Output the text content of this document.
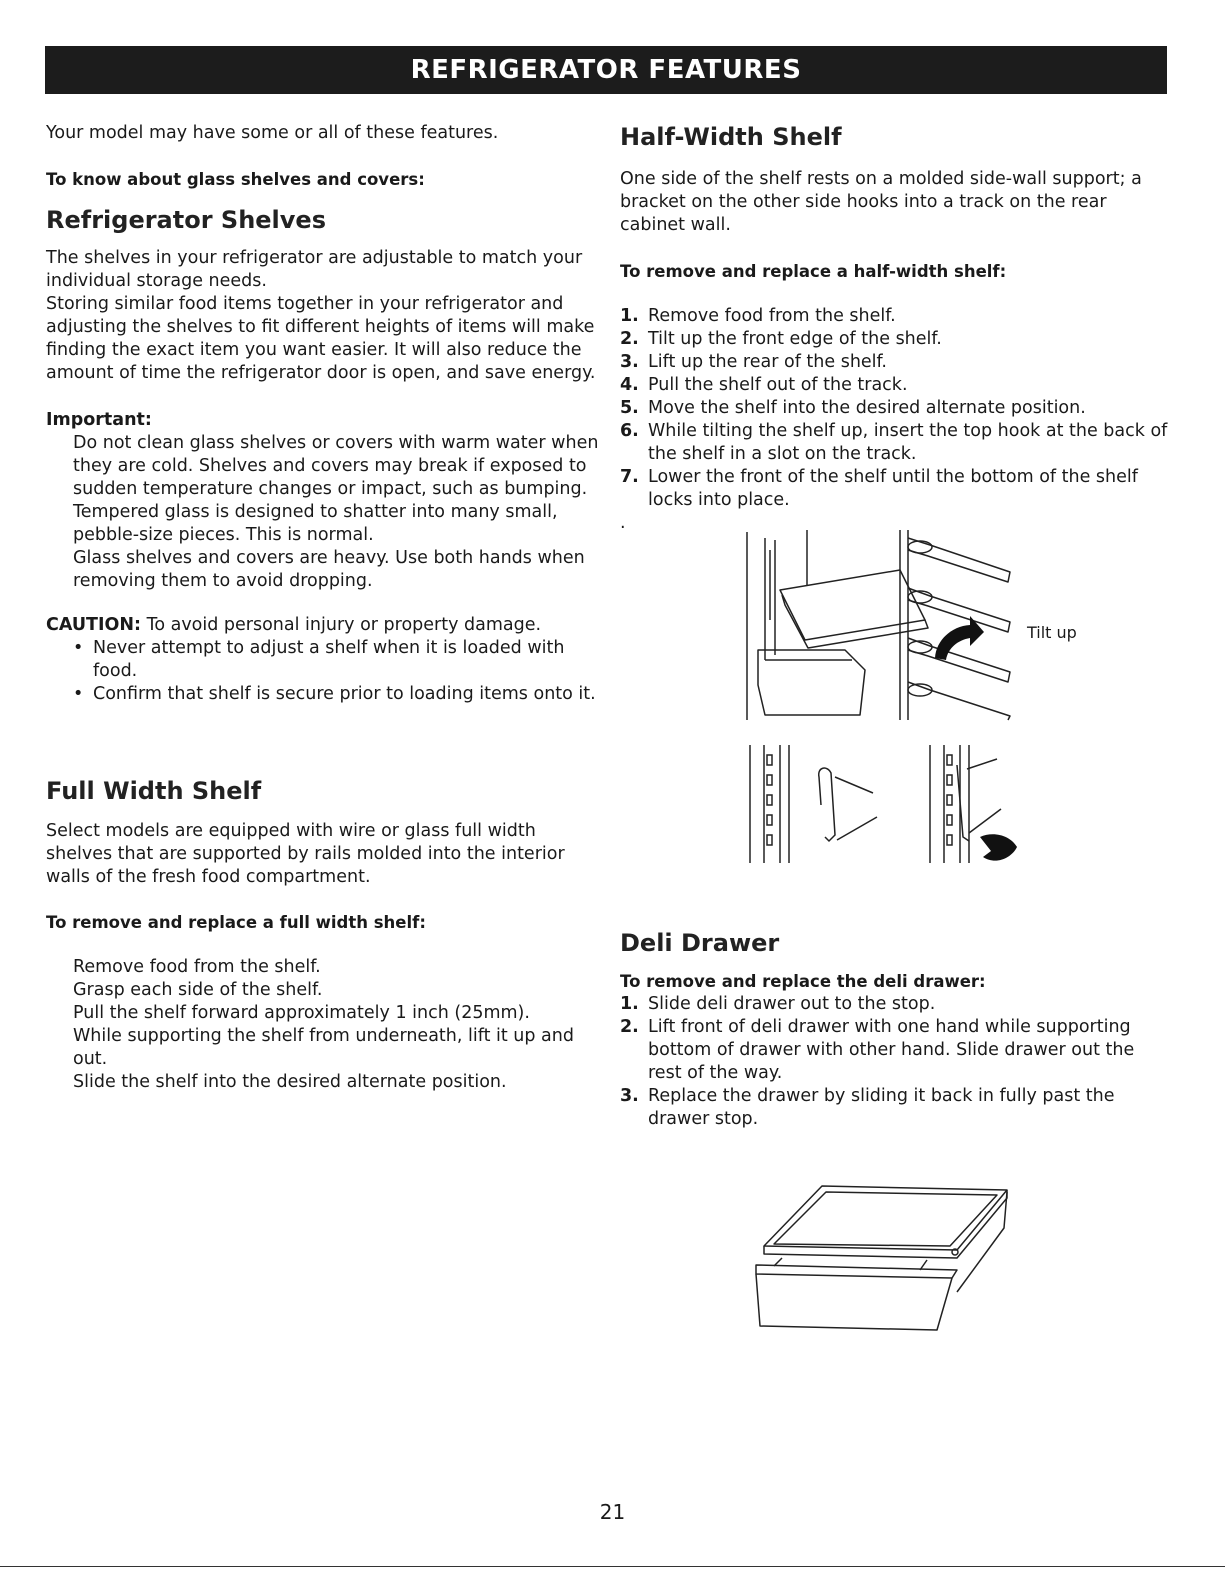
REFRIGERATOR FEATURES

Your model may have some or all of these features.

To know about glass shelves and covers:

Refrigerator Shelves

The shelves in your refrigerator are adjustable to match your individual storage needs.

Storing similar food items together in your refrigerator and adjusting the shelves to fit different heights of items will make finding the exact item you want easier. It will also reduce the amount of time the refrigerator door is open, and save energy.

Important:

Do not clean glass shelves or covers with warm water when they are cold. Shelves and covers may break if exposed to sudden temperature changes or impact, such as bumping.

Tempered glass is designed to shatter into many small, pebble-size pieces. This is normal.

Glass shelves and covers are heavy. Use both hands when removing them to avoid dropping.

CAUTION: To avoid personal injury or property damage.

• Never attempt to adjust a shelf when it is loaded with food.
• Confirm that shelf is secure prior to loading items onto it.
Full Width Shelf

Select models are equipped with wire or glass full width shelves that are supported by rails molded into the interior walls of the fresh food compartment.

To remove and replace a full width shelf:

Remove food from the shelf.

Grasp each side of the shelf.

Pull the shelf forward approximately 1 inch (25mm).

While supporting the shelf from underneath, lift it up and out.

Slide the shelf into the desired alternate position.

Half-Width Shelf

One side of the shelf rests on a molded side-wall support; a bracket on the other side hooks into a track on the rear cabinet wall.

To remove and replace a half-width shelf:

1. Remove food from the shelf.
2. Tilt up the front edge of the shelf.
3. Lift up the rear of the shelf.
4. Pull the shelf out of the track.
5. Move the shelf into the desired alternate position.
6. While tilting the shelf up, insert the top hook at the back of the shelf in a slot on the track.
7. Lower the front of the shelf until the bottom of the shelf locks into place.

.

Deli Drawer

To remove and replace the deli drawer:

1. Slide deli drawer out to the stop.
2. Lift front of deli drawer with one hand while supporting bottom of drawer with other hand. Slide drawer out the rest of the way.
3. Replace the drawer by sliding it back in fully past the drawer stop.
Tilt up
21
